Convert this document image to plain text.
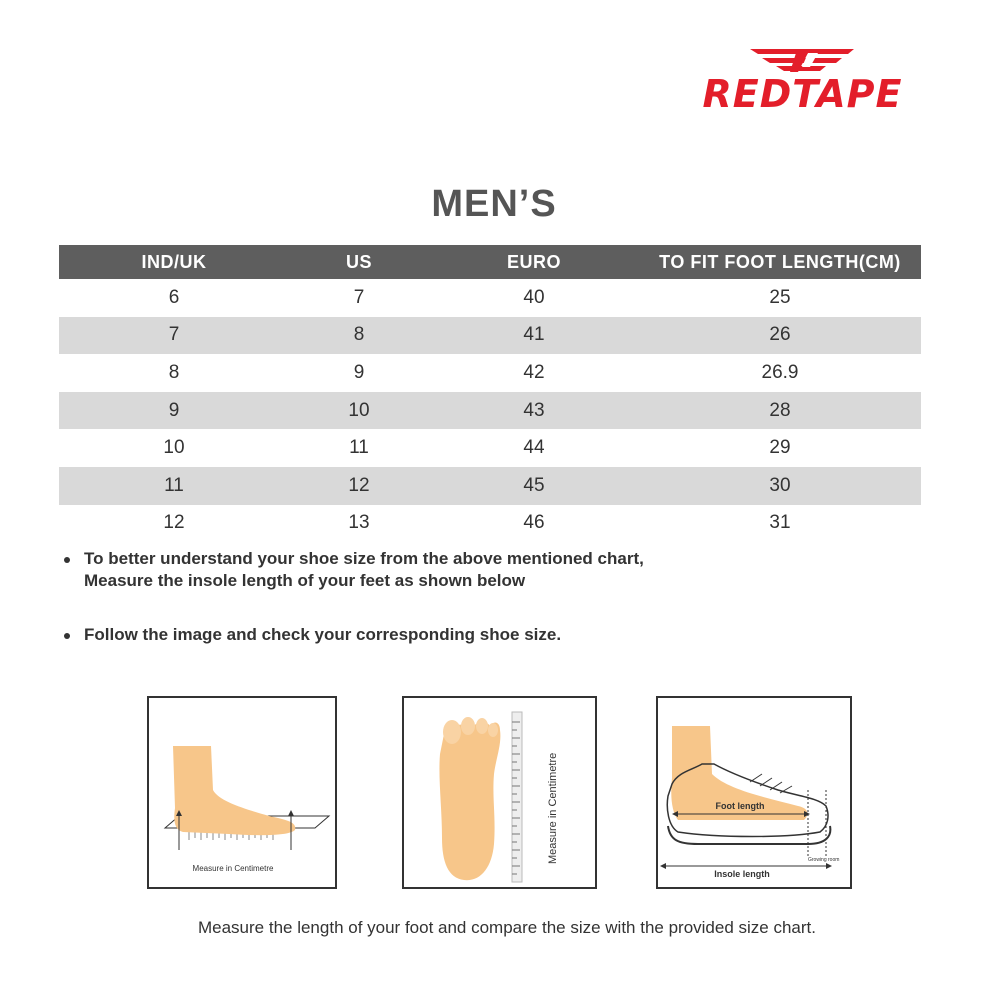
REDTAPE
MEN’S
IND/UK	US	EURO	TO FIT FOOT LENGTH(CM)
6	7	40	25
7	8	41	26
8	9	42	26.9
9	10	43	28
10	11	44	29
11	12	45	30
12	13	46	31
To better understand your shoe size from the above mentioned chart,
Measure the insole length of your feet as shown below
Follow the image and check your corresponding shoe size.
Measure in Centimetre
Measure in Centimetre	Foot length
Growing room
Insole length
Measure the length of your foot and compare the size with the provided size chart.
